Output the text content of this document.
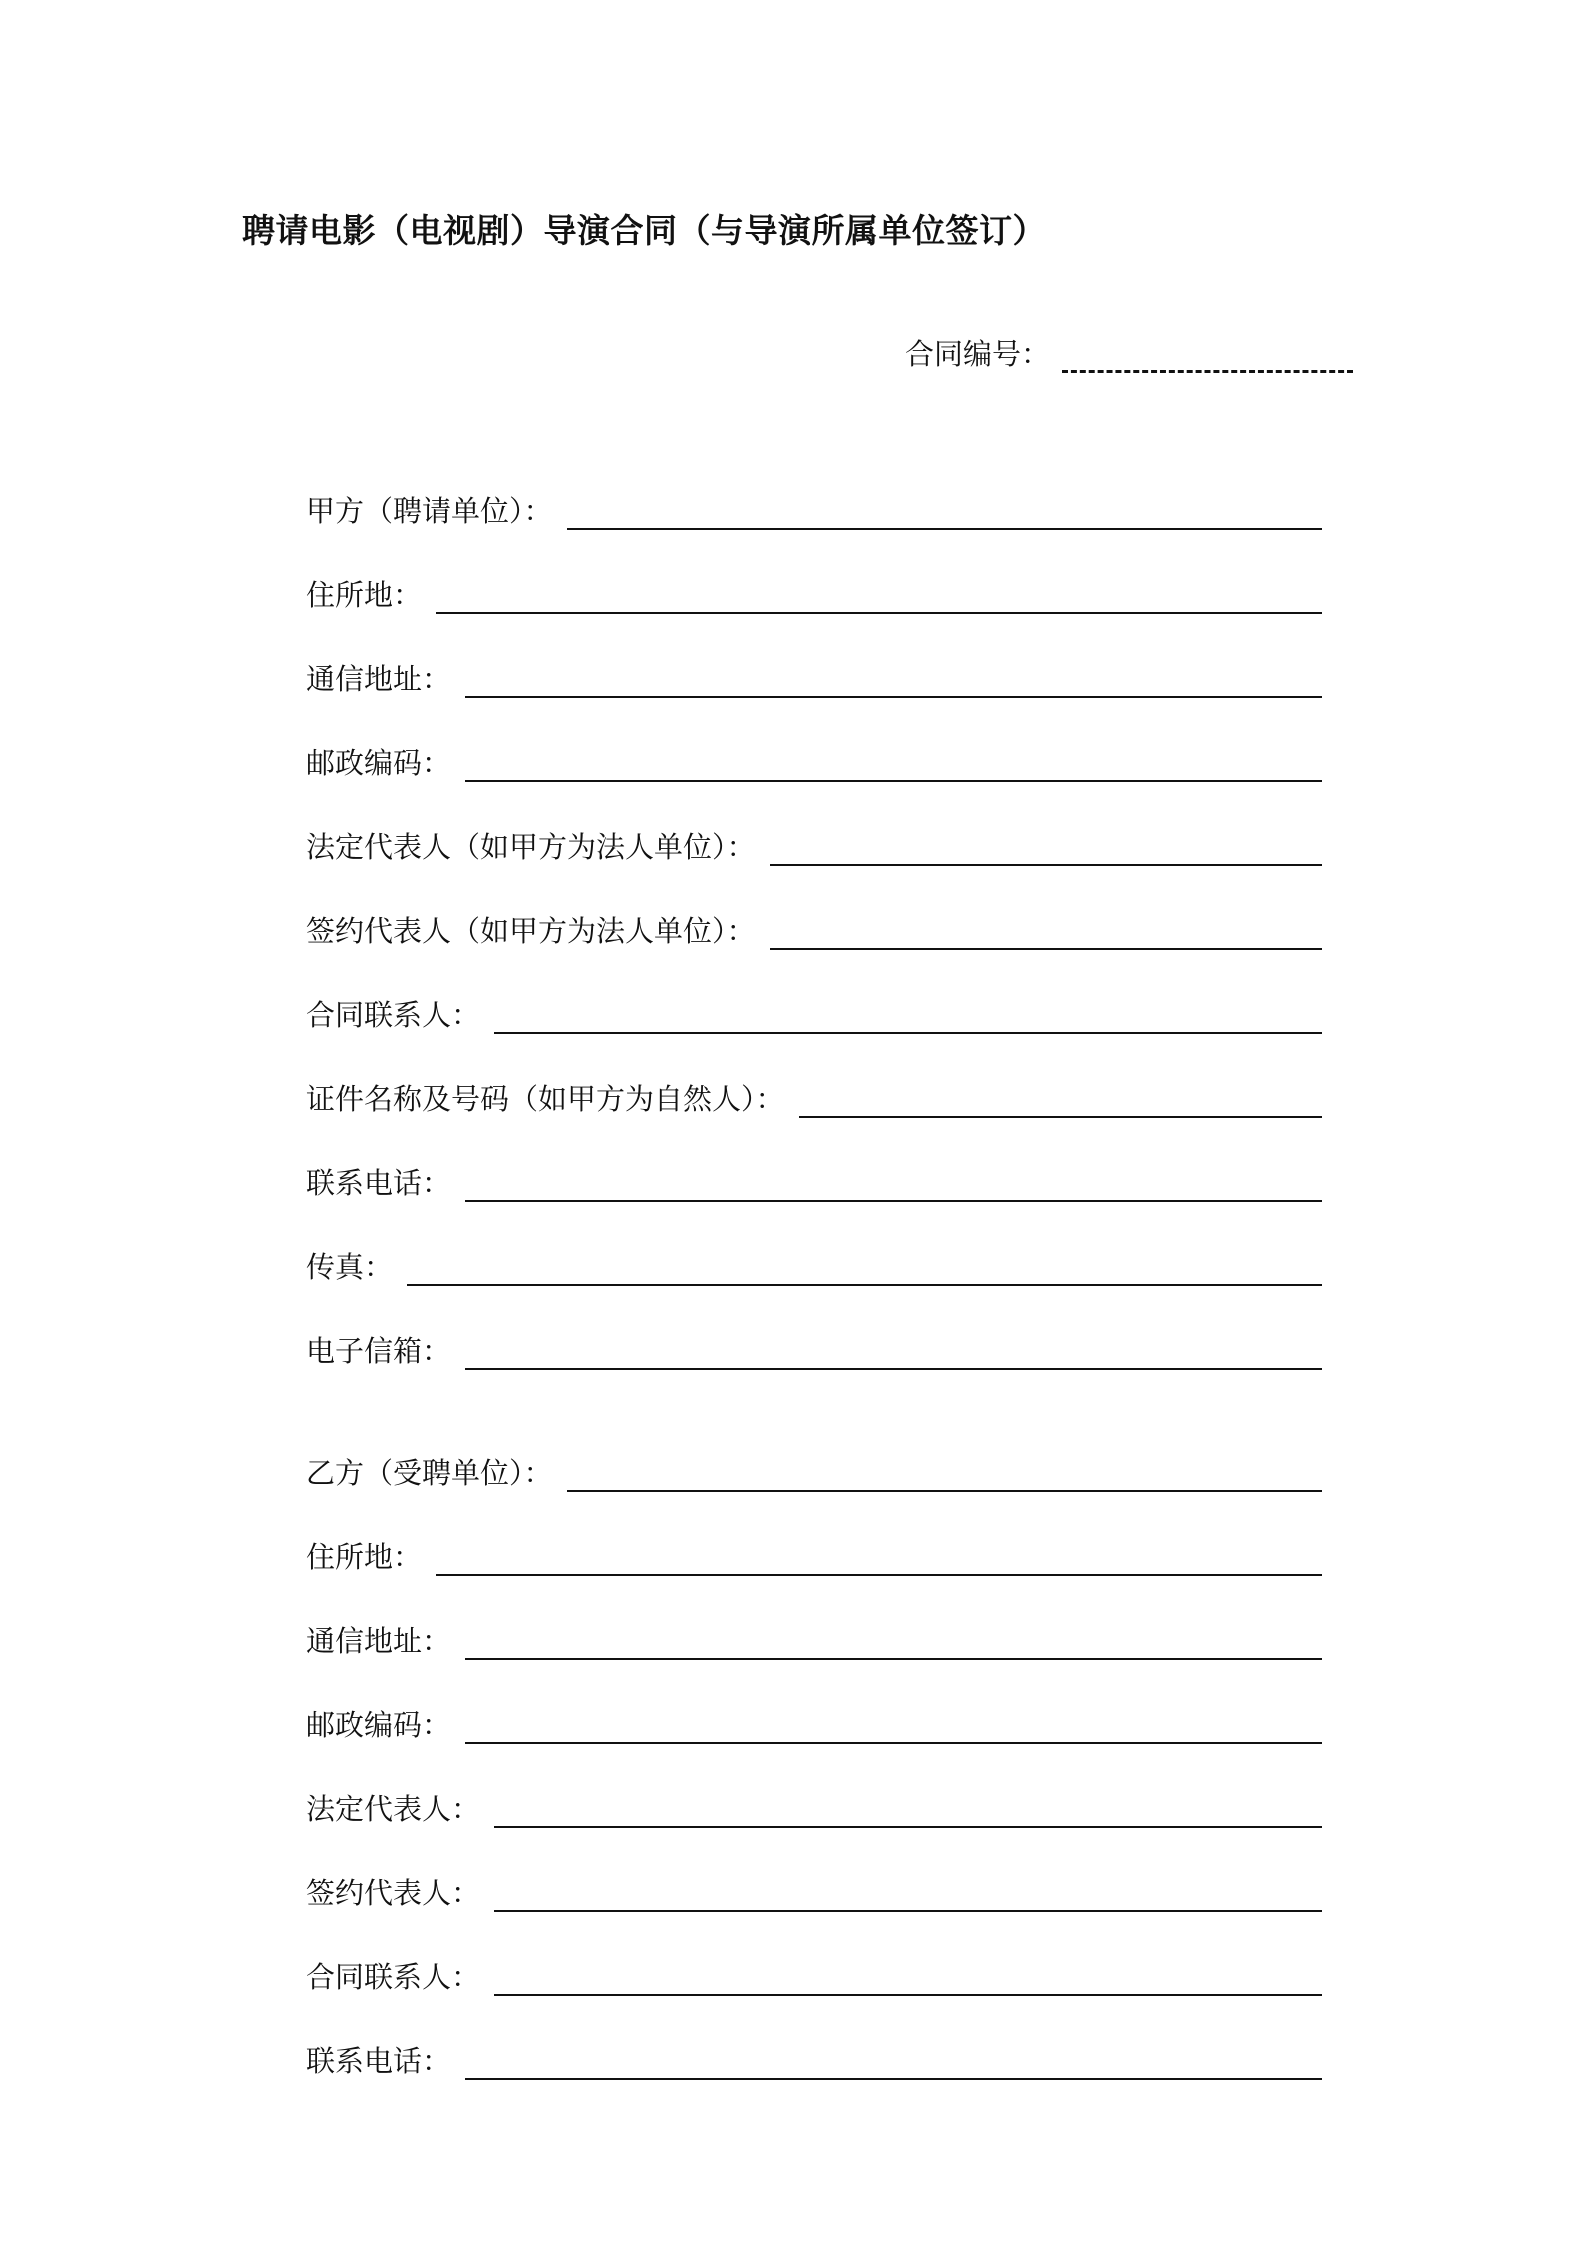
聘请电影（电视剧）导演合同（与导演所属单位签订）
合同编号：
甲方（聘请单位）：
住所地：
通信地址：
邮政编码：
法定代表人（如甲方为法人单位）：
签约代表人（如甲方为法人单位）：
合同联系人：
证件名称及号码（如甲方为自然人）：
联系电话：
传真：
电子信箱：
乙方（受聘单位）：
住所地：
通信地址：
邮政编码：
法定代表人：
签约代表人：
合同联系人：
联系电话：
